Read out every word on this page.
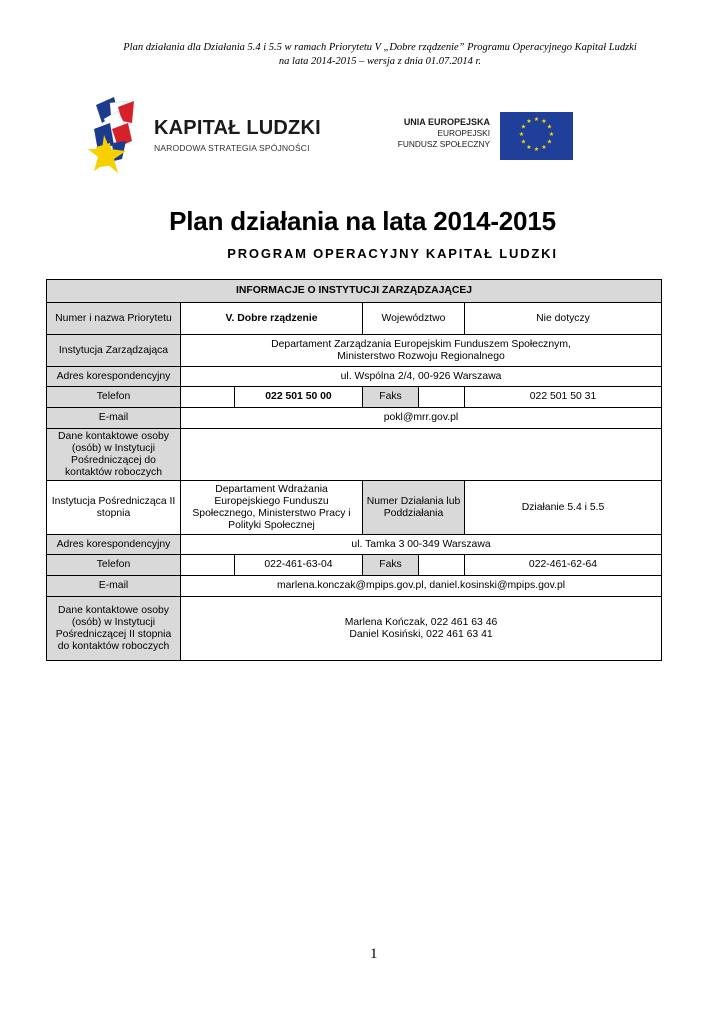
Plan działania dla Działania 5.4 i 5.5 w ramach Priorytetu V „Dobre rządzenie” Programu Operacyjnego Kapitał Ludzki
na lata 2014-2015 – wersja z dnia 01.07.2014 r.
KAPITAŁ LUDZKI
NARODOWA STRATEGIA SPÓJNOŚCI
UNIA EUROPEJSKA
EUROPEJSKI
FUNDUSZ SPOŁECZNY
★ ★
★
★
★
★
★
★
★
★
★
★
Plan działania na lata 2014-2015
PROGRAM OPERACYJNY KAPITAŁ LUDZKI
INFORMACJE O INSTYTUCJI ZARZĄDZAJĄCEJ					
Numer i nazwa Priorytetu	V. Dobre rządzenie		Województwo		Nie dotyczy
Instytucja Zarządzająca	Departament Zarządzania Europejskim Funduszem Społecznym,
Ministerstwo Rozwoju Regionalnego				

Adres korespondencyjny	ul. Wspólna 2/4, 00-926 Warszawa				
Telefon		022 501 50 00	Faks		022 501 50 31
E-mail	pokl@mrr.gov.pl				
Dane kontaktowe osoby (osób) w Instytucji Pośredniczącej do kontaktów roboczych					
Instytucja Pośrednicząca II stopnia	Departament Wdrażania Europejskiego Funduszu Społecznego, Ministerstwo Pracy i Polityki Społecznej		Numer Działania lub Poddziałania		Działanie 5.4 i 5.5
Adres korespondencyjny	ul. Tamka 3 00-349 Warszawa				
Telefon		022-461-63-04	Faks		022-461-62-64
E-mail	marlena.konczak@mpips.gov.pl, daniel.kosinski@mpips.gov.pl				
Dane kontaktowe osoby (osób) w Instytucji Pośredniczącej II stopnia do kontaktów roboczych	Marlena Kończak, 022 461 63 46
Daniel Kosiński, 022 461 63 41				
1
